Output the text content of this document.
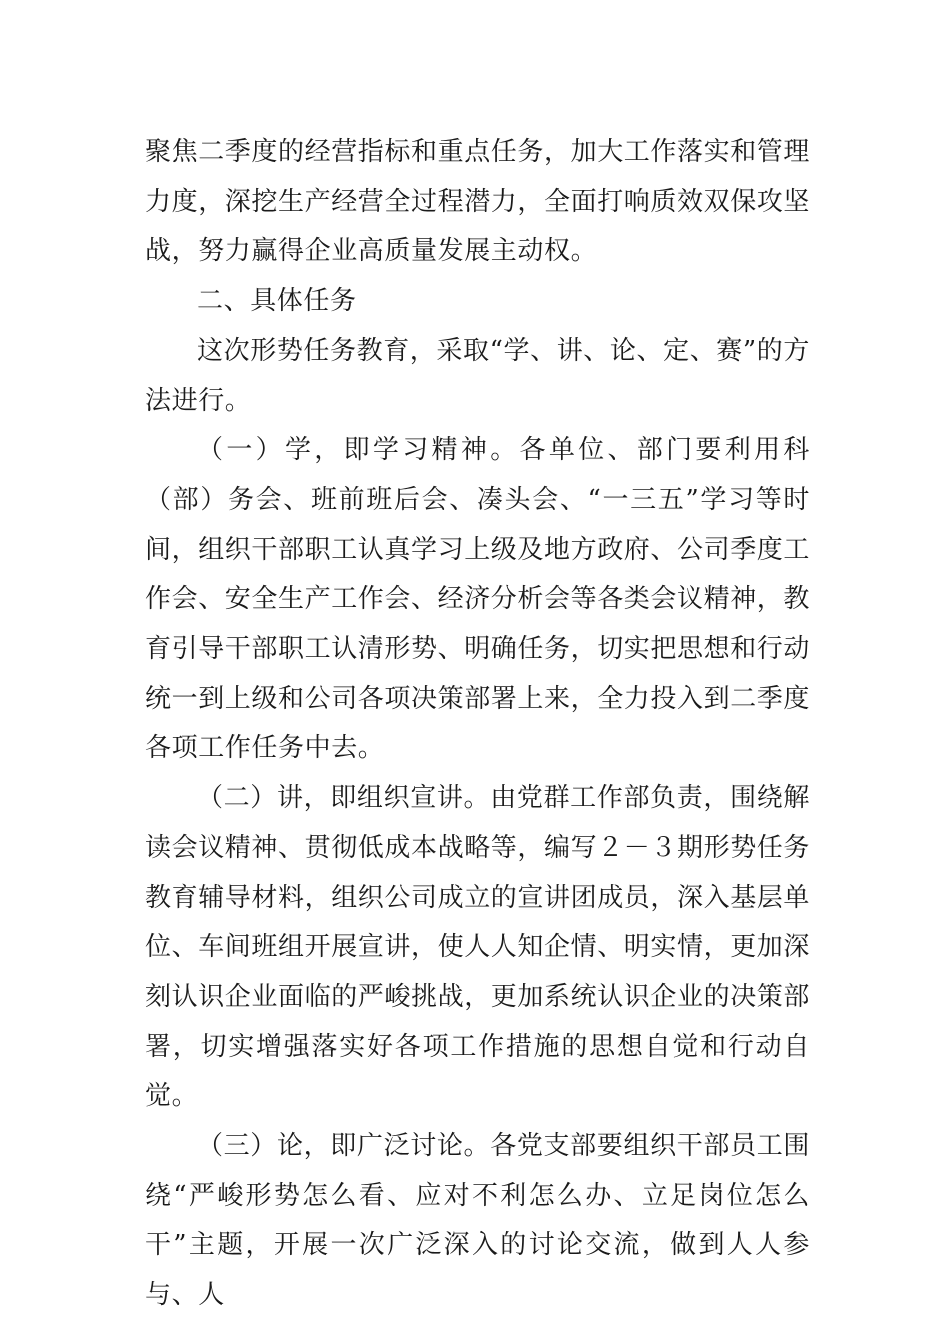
聚焦二季度的经营指标和重点任务，加大工作落实和管理力度，深挖生产经营全过程潜力，全面打响质效双保攻坚战，努力赢得企业高质量发展主动权。

二、具体任务

这次形势任务教育，采取“学、讲、论、定、赛”的方法进行。

（一）学，即学习精神。各单位、部门要利用科（部）务会、班前班后会、凑头会、“一三五”学习等时间，组织干部职工认真学习上级及地方政府、公司季度工作会、安全生产工作会、经济分析会等各类会议精神，教育引导干部职工认清形势、明确任务，切实把思想和行动统一到上级和公司各项决策部署上来，全力投入到二季度各项工作任务中去。

（二）讲，即组织宣讲。由党群工作部负责，围绕解读会议精神、贯彻低成本战略等，编写２－３期形势任务教育辅导材料，组织公司成立的宣讲团成员，深入基层单位、车间班组开展宣讲，使人人知企情、明实情，更加深刻认识企业面临的严峻挑战，更加系统认识企业的决策部署，切实增强落实好各项工作措施的思想自觉和行动自觉。

（三）论，即广泛讨论。各党支部要组织干部员工围绕“严峻形势怎么看、应对不利怎么办、立足岗位怎么干”主题，开展一次广泛深入的讨论交流，做到人人参与、人
